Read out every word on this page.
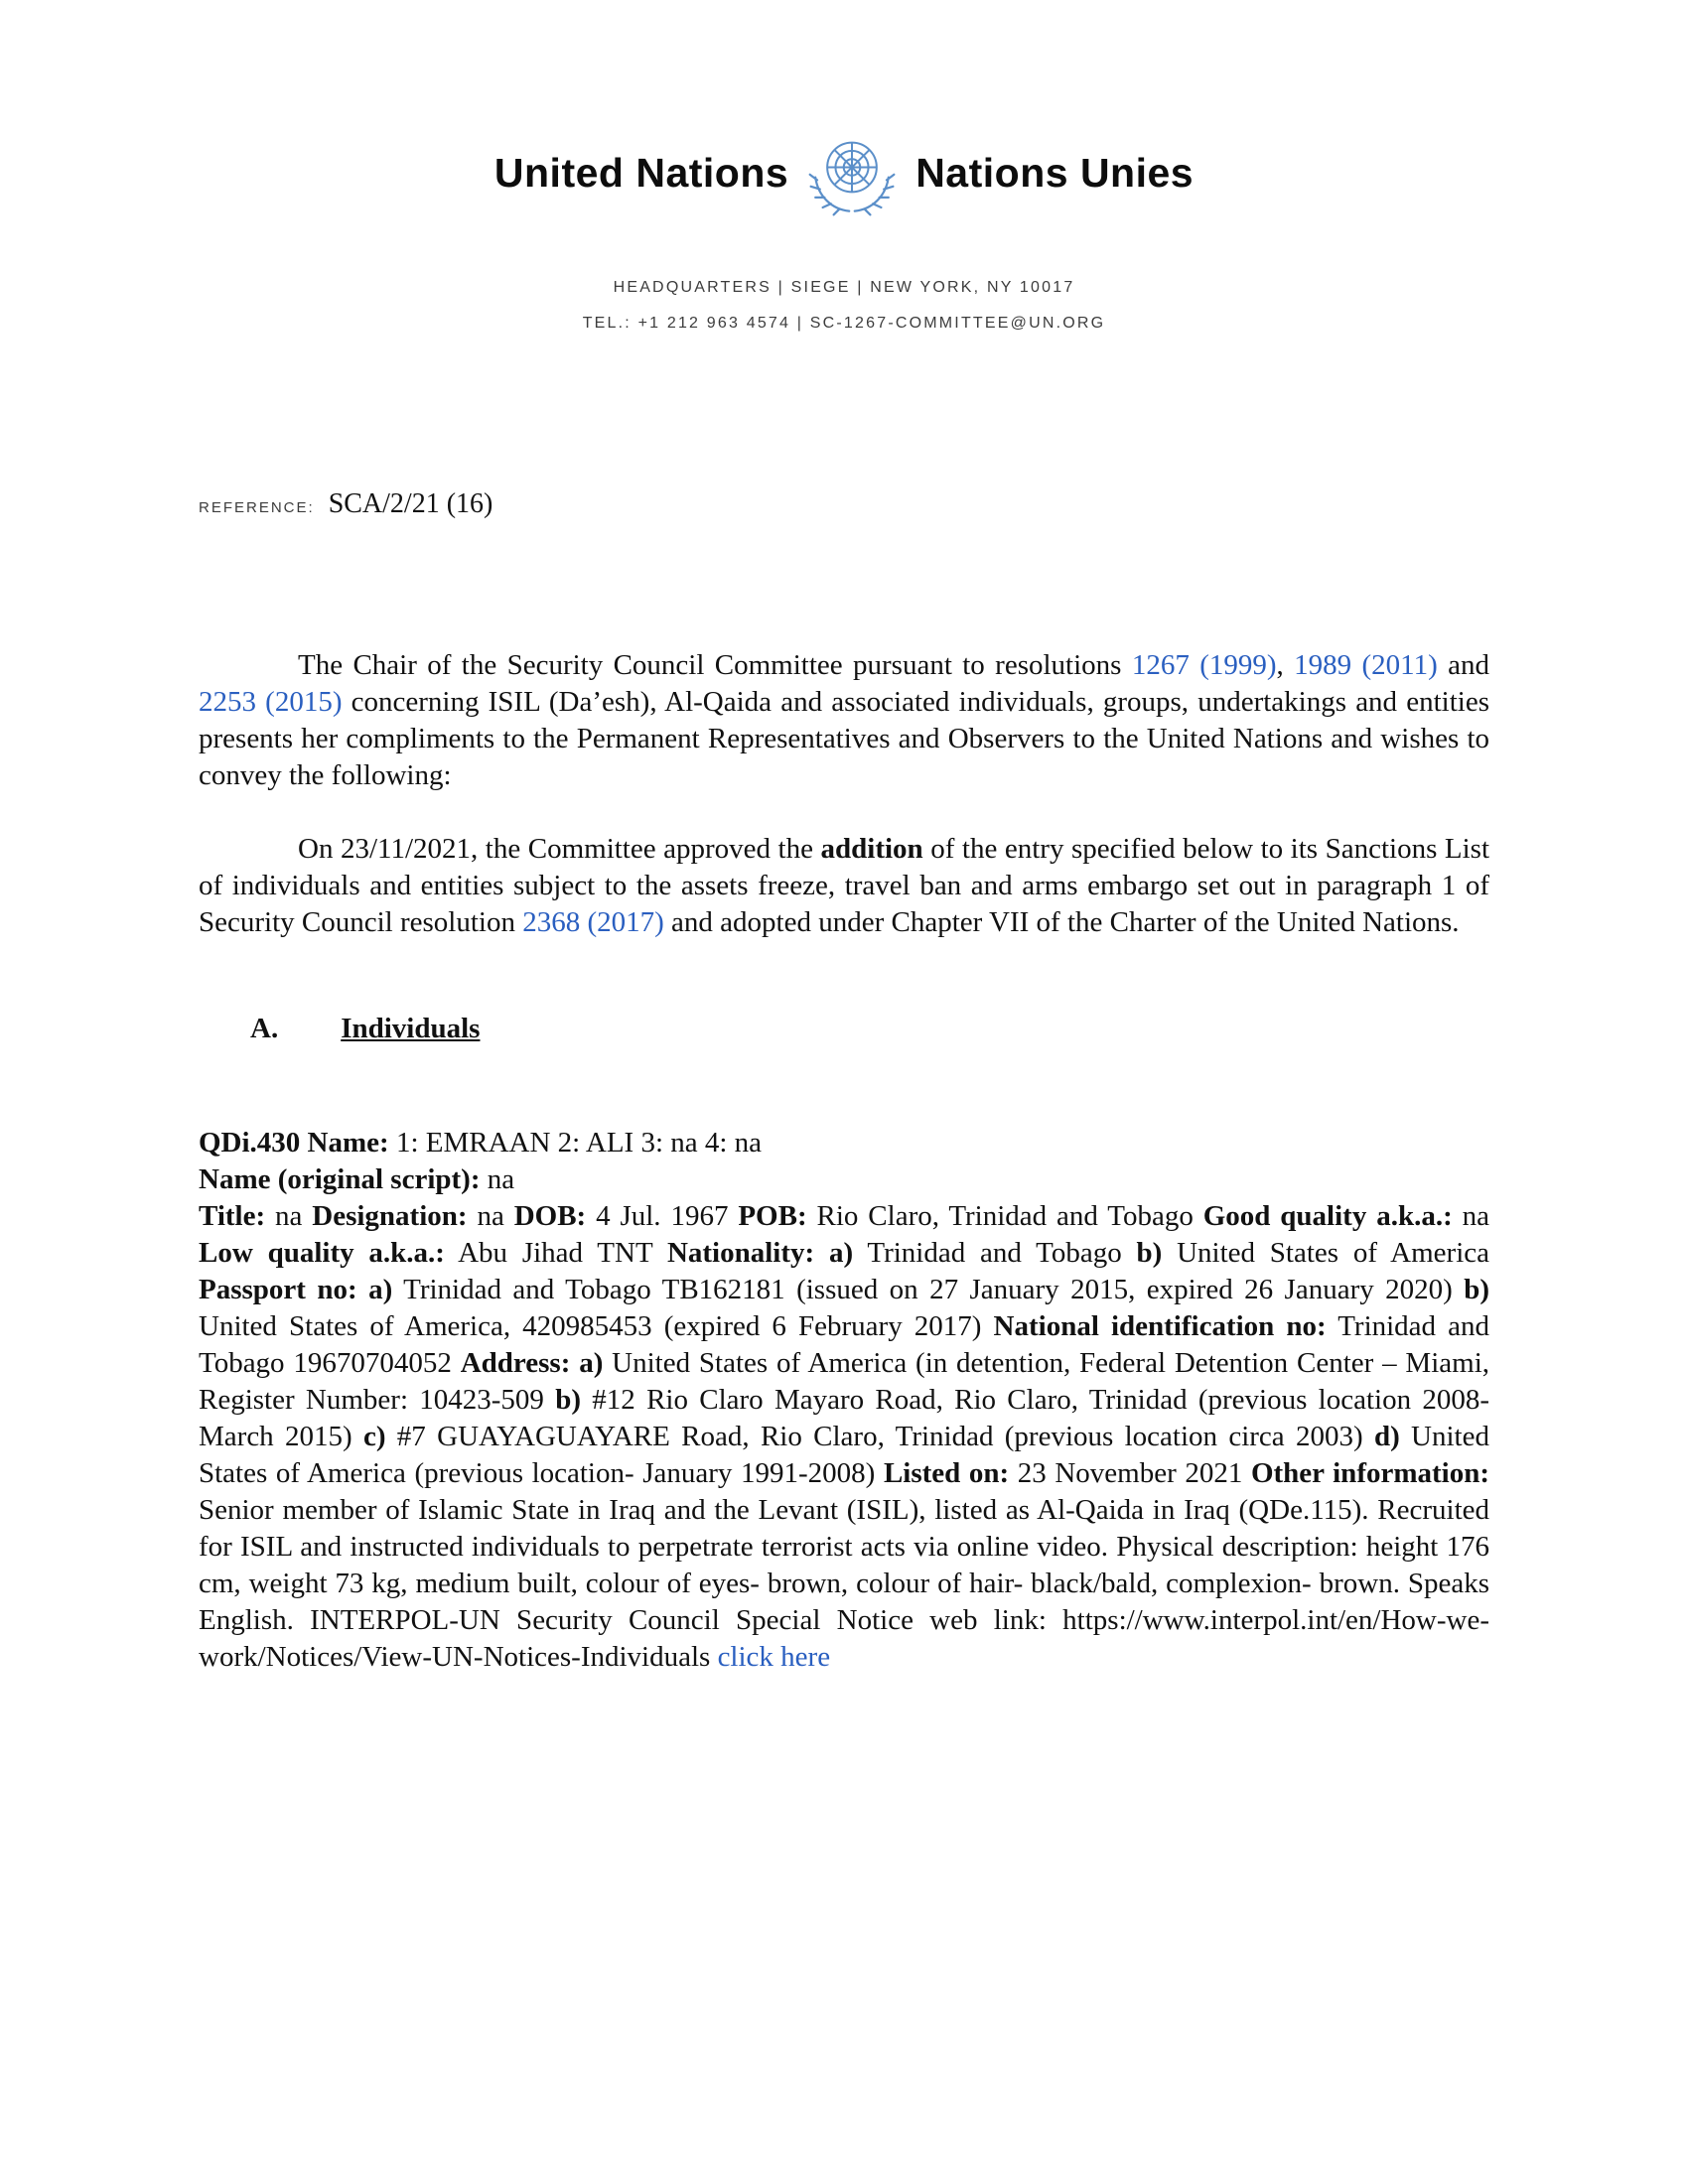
United Nations	Nations Unies
HEADQUARTERS | SIEGE | NEW YORK, NY 10017
TEL.: +1 212 963 4574 | SC-1267-COMMITTEE@UN.ORG
REFERENCE: SCA/2/21 (16)

The Chair of the Security Council Committee pursuant to resolutions 1267 (1999), 1989 (2011) and 2253 (2015) concerning ISIL (Da’esh), Al-Qaida and associated individuals, groups, undertakings and entities presents her compliments to the Permanent Representatives and Observers to the United Nations and wishes to convey the following:

On 23/11/2021, the Committee approved the addition of the entry specified below to its Sanctions List of individuals and entities subject to the assets freeze, travel ban and arms embargo set out in paragraph 1 of Security Council resolution 2368 (2017) and adopted under Chapter VII of the Charter of the United Nations.

A. Individuals

QDi.430 Name: 1: EMRAAN 2: ALI 3: na 4: na
Name (original script): na
Title: na Designation: na DOB: 4 Jul. 1967 POB: Rio Claro, Trinidad and Tobago Good quality a.k.a.: na Low quality a.k.a.: Abu Jihad TNT Nationality: a) Trinidad and Tobago b) United States of America Passport no: a) Trinidad and Tobago TB162181 (issued on 27 January 2015, expired 26 January 2020) b) United States of America, 420985453 (expired 6 February 2017) National identification no: Trinidad and Tobago 19670704052 Address: a) United States of America (in detention, Federal Detention Center – Miami, Register Number: 10423-509 b) #12 Rio Claro Mayaro Road, Rio Claro, Trinidad (previous location 2008-March 2015) c) #7 GUAYAGUAYARE Road, Rio Claro, Trinidad (previous location circa 2003) d) United States of America (previous location- January 1991-2008) Listed on: 23 November 2021 Other information: Senior member of Islamic State in Iraq and the Levant (ISIL), listed as Al-Qaida in Iraq (QDe.115). Recruited for ISIL and instructed individuals to perpetrate terrorist acts via online video. Physical description: height 176 cm, weight 73 kg, medium built, colour of eyes- brown, colour of hair- black/bald, complexion- brown. Speaks English. INTERPOL-UN Security Council Special Notice web link: https://www.interpol.int/en/How-we-work/Notices/View-UN-Notices-Individuals click here
